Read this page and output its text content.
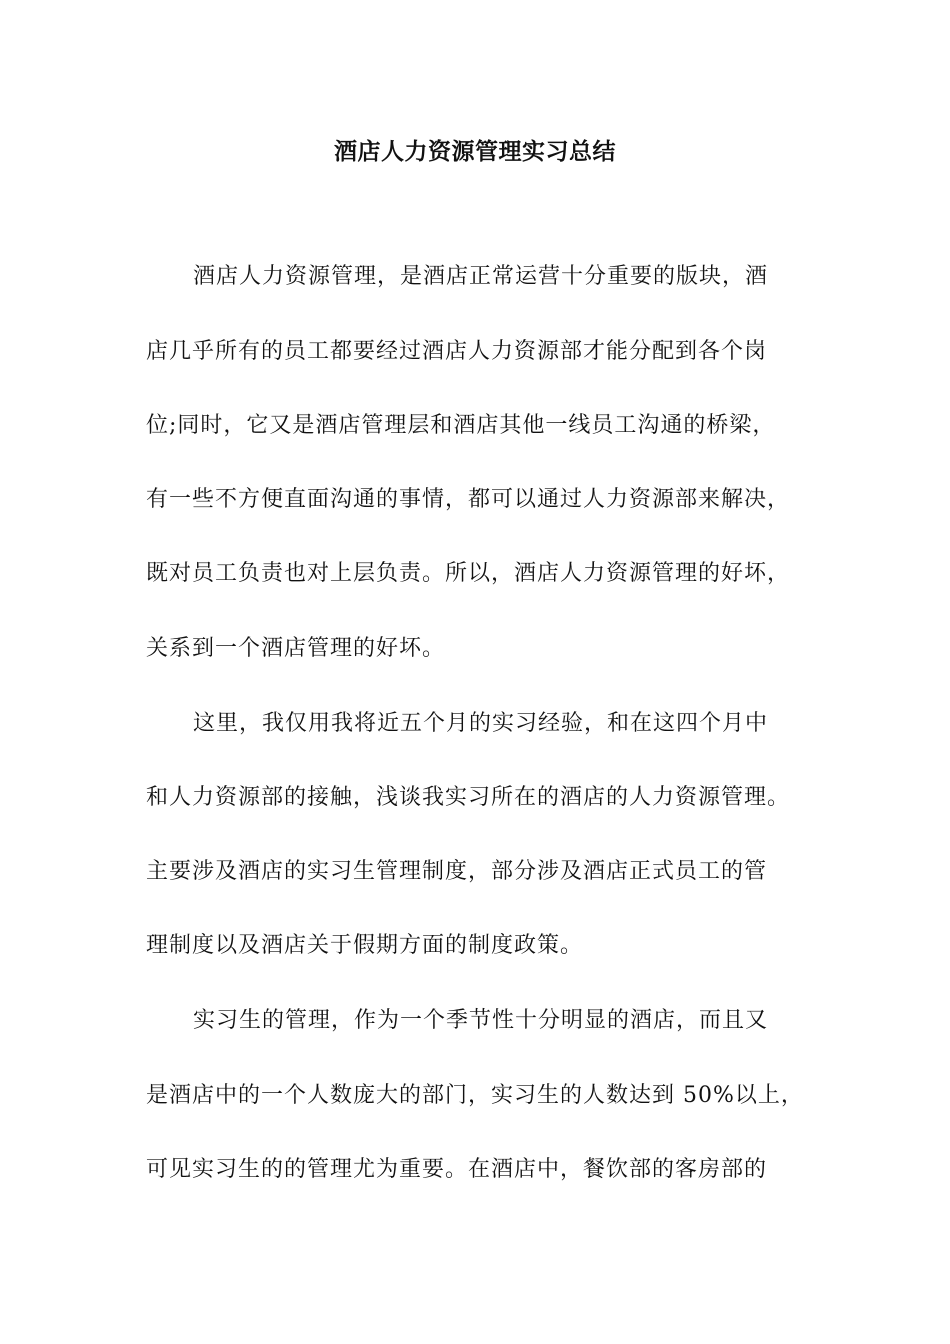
酒店人力资源管理实习总结
酒店人力资源管理，是酒店正常运营十分重要的版块，酒
店几乎所有的员工都要经过酒店人力资源部才能分配到各个岗
位;同时，它又是酒店管理层和酒店其他一线员工沟通的桥梁，
有一些不方便直面沟通的事情，都可以通过人力资源部来解决，
既对员工负责也对上层负责。所以，酒店人力资源管理的好坏，
关系到一个酒店管理的好坏。
这里，我仅用我将近五个月的实习经验，和在这四个月中
和人力资源部的接触，浅谈我实习所在的酒店的人力资源管理。
主要涉及酒店的实习生管理制度，部分涉及酒店正式员工的管
理制度以及酒店关于假期方面的制度政策。
实习生的管理，作为一个季节性十分明显的酒店，而且又
是酒店中的一个人数庞大的部门，实习生的人数达到 50%以上，
可见实习生的的管理尤为重要。在酒店中，餐饮部的客房部的
